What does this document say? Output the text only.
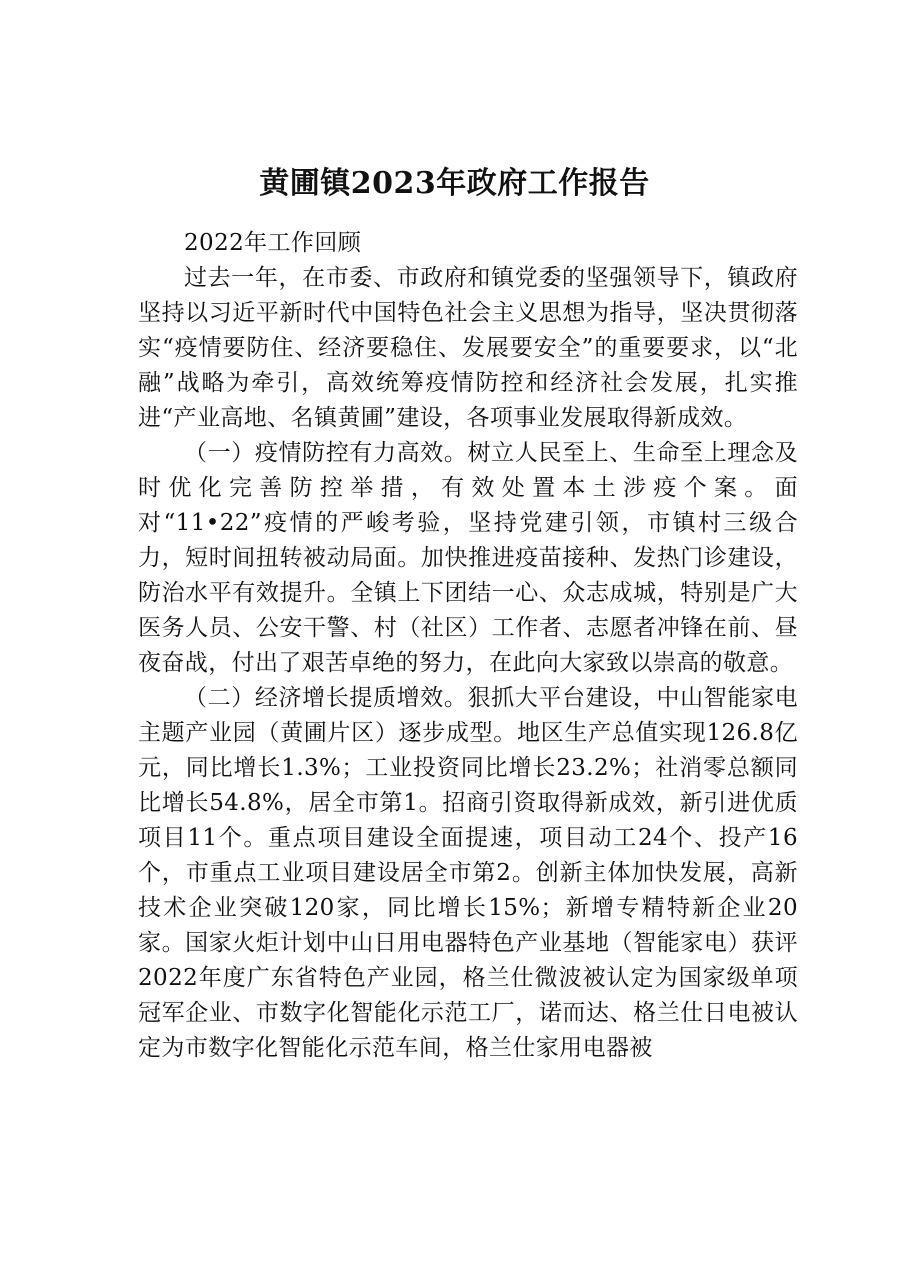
黄圃镇2023年政府工作报告

2022年工作回顾

过去一年，在市委、市政府和镇党委的坚强领导下，镇政府坚持以习近平新时代中国特色社会主义思想为指导，坚决贯彻落实“疫情要防住、经济要稳住、发展要安全”的重要要求，以“北融”战略为牵引，高效统筹疫情防控和经济社会发展，扎实推进“产业高地、名镇黄圃”建设，各项事业发展取得新成效。

（一）疫情防控有力高效。树立人民至上、生命至上理念及时优化完善防控举措，有效处置本土涉疫个案。面对“11•22”疫情的严峻考验，坚持党建引领，市镇村三级合力，短时间扭转被动局面。加快推进疫苗接种、发热门诊建设，防治水平有效提升。全镇上下团结一心、众志成城，特别是广大医务人员、公安干警、村（社区）工作者、志愿者冲锋在前、昼夜奋战，付出了艰苦卓绝的努力，在此向大家致以崇高的敬意。

（二）经济增长提质增效。狠抓大平台建设，中山智能家电主题产业园（黄圃片区）逐步成型。地区生产总值实现126.8亿元，同比增长1.3%；工业投资同比增长23.2%；社消零总额同比增长54.8%，居全市第1。招商引资取得新成效，新引进优质项目11个。重点项目建设全面提速，项目动工24个、投产16个，市重点工业项目建设居全市第2。创新主体加快发展，高新技术企业突破120家，同比增长15%；新增专精特新企业20家。国家火炬计划中山日用电器特色产业基地（智能家电）获评2022年度广东省特色产业园，格兰仕微波被认定为国家级单项冠军企业、市数字化智能化示范工厂，诺而达、格兰仕日电被认定为市数字化智能化示范车间，格兰仕家用电器被
